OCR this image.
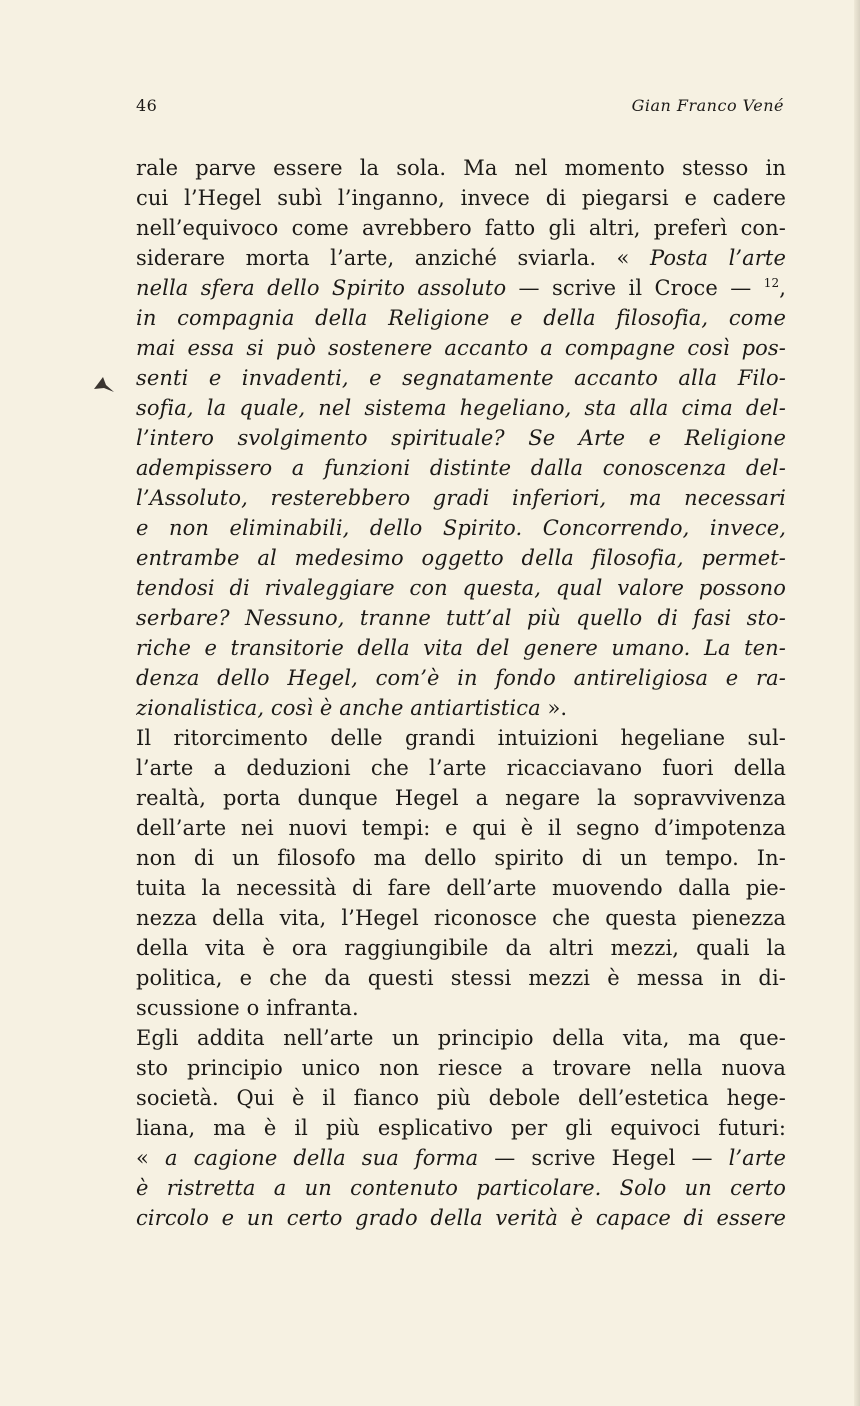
46	Gian Franco Vené
rale parve essere la sola. Ma nel momento stesso in
cui l’Hegel subì l’inganno, invece di piegarsi e cadere
nell’equivoco come avrebbero fatto gli altri, preferì con-
siderare morta l’arte, anziché sviarla. « Posta l’arte
nella sfera dello Spirito assoluto — scrive il Croce — $^{12}$,
in compagnia della Religione e della filosofia, come
mai essa si può sostenere accanto a compagne così pos-
senti e invadenti, e segnatamente accanto alla Filo-
sofia, la quale, nel sistema hegeliano, sta alla cima del-
l’intero svolgimento spirituale? Se Arte e Religione
adempissero a funzioni distinte dalla conoscenza del-
l’Assoluto, resterebbero gradi inferiori, ma necessari
e non eliminabili, dello Spirito. Concorrendo, invece,
entrambe al medesimo oggetto della filosofia, permet-
tendosi di rivaleggiare con questa, qual valore possono
serbare? Nessuno, tranne tutt’al più quello di fasi sto-
riche e transitorie della vita del genere umano. La ten-
denza dello Hegel, com’è in fondo antireligiosa e ra-
zionalistica, così è anche antiartistica ».
Il ritorcimento delle grandi intuizioni hegeliane sul-
l’arte a deduzioni che l’arte ricacciavano fuori della
realtà, porta dunque Hegel a negare la sopravvivenza
dell’arte nei nuovi tempi: e qui è il segno d’impotenza
non di un filosofo ma dello spirito di un tempo. In-
tuita la necessità di fare dell’arte muovendo dalla pie-
nezza della vita, l’Hegel riconosce che questa pienezza
della vita è ora raggiungibile da altri mezzi, quali la
politica, e che da questi stessi mezzi è messa in di-
scussione o infranta.
Egli addita nell’arte un principio della vita, ma que-
sto principio unico non riesce a trovare nella nuova
società. Qui è il fianco più debole dell’estetica hege-
liana, ma è il più esplicativo per gli equivoci futuri:
« a cagione della sua forma — scrive Hegel — l’arte
è ristretta a un contenuto particolare. Solo un certo
circolo e un certo grado della verità è capace di essere
